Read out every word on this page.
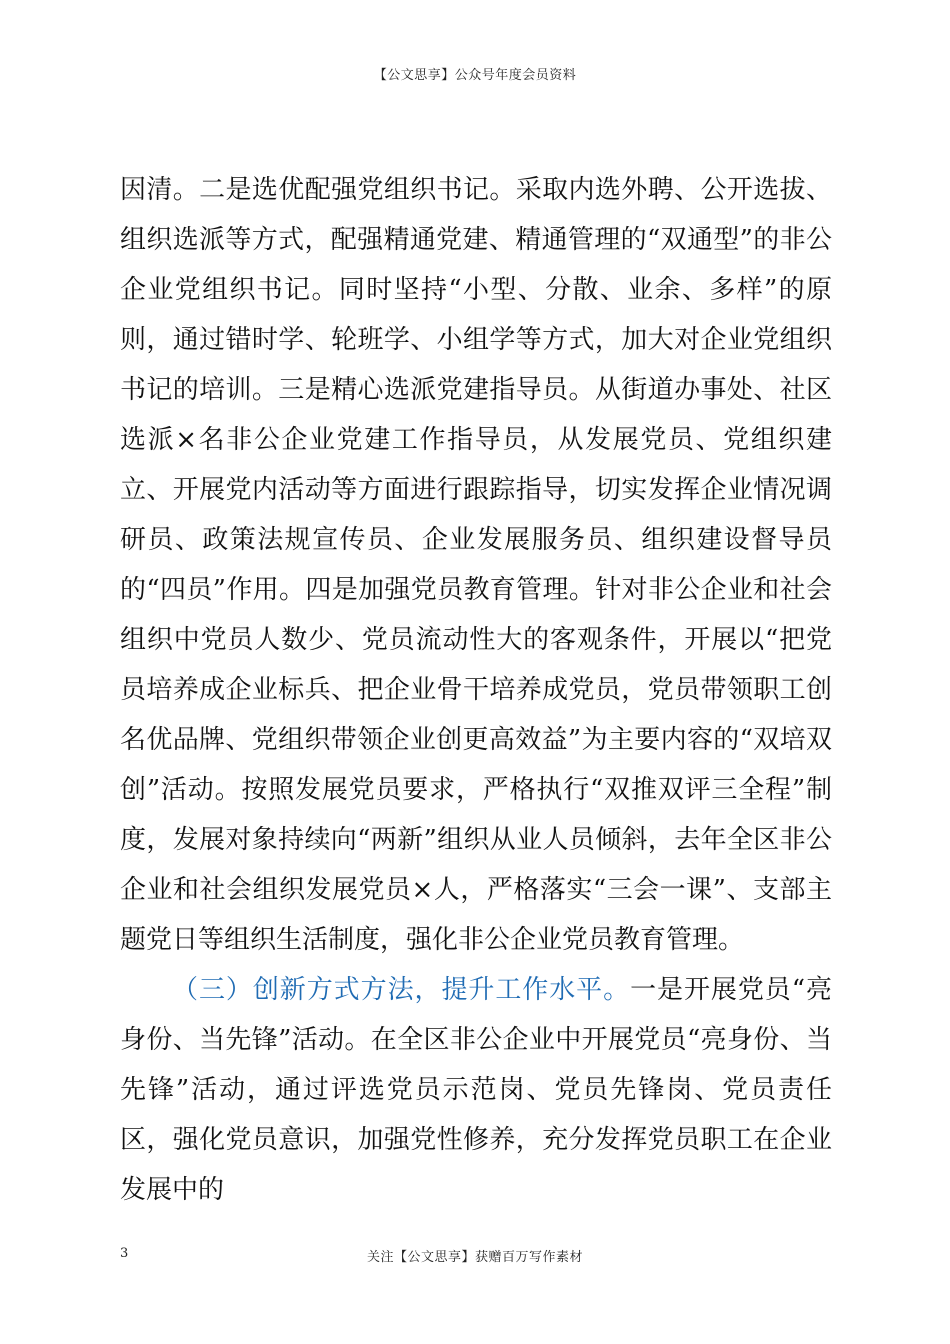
【公文思享】公众号年度会员资料

因清。二是选优配强党组织书记。采取内选外聘、公开选拔、组织选派等方式，配强精通党建、精通管理的“双通型”的非公企业党组织书记。同时坚持“小型、分散、业余、多样”的原则，通过错时学、轮班学、小组学等方式，加大对企业党组织书记的培训。三是精心选派党建指导员。从街道办事处、社区选派×名非公企业党建工作指导员，从发展党员、党组织建立、开展党内活动等方面进行跟踪指导，切实发挥企业情况调研员、政策法规宣传员、企业发展服务员、组织建设督导员的“四员”作用。四是加强党员教育管理。针对非公企业和社会组织中党员人数少、党员流动性大的客观条件，开展以“把党员培养成企业标兵、把企业骨干培养成党员，党员带领职工创名优品牌、党组织带领企业创更高效益”为主要内容的“双培双创”活动。按照发展党员要求，严格执行“双推双评三全程”制度，发展对象持续向“两新”组织从业人员倾斜，去年全区非公企业和社会组织发展党员×人，严格落实“三会一课”、支部主题党日等组织生活制度，强化非公企业党员教育管理。

（三）创新方式方法，提升工作水平。一是开展党员“亮身份、当先锋”活动。在全区非公企业中开展党员“亮身份、当先锋”活动，通过评选党员示范岗、党员先锋岗、党员责任区，强化党员意识，加强党性修养，充分发挥党员职工在企业发展中的

3	关注【公文思享】获赠百万写作素材
